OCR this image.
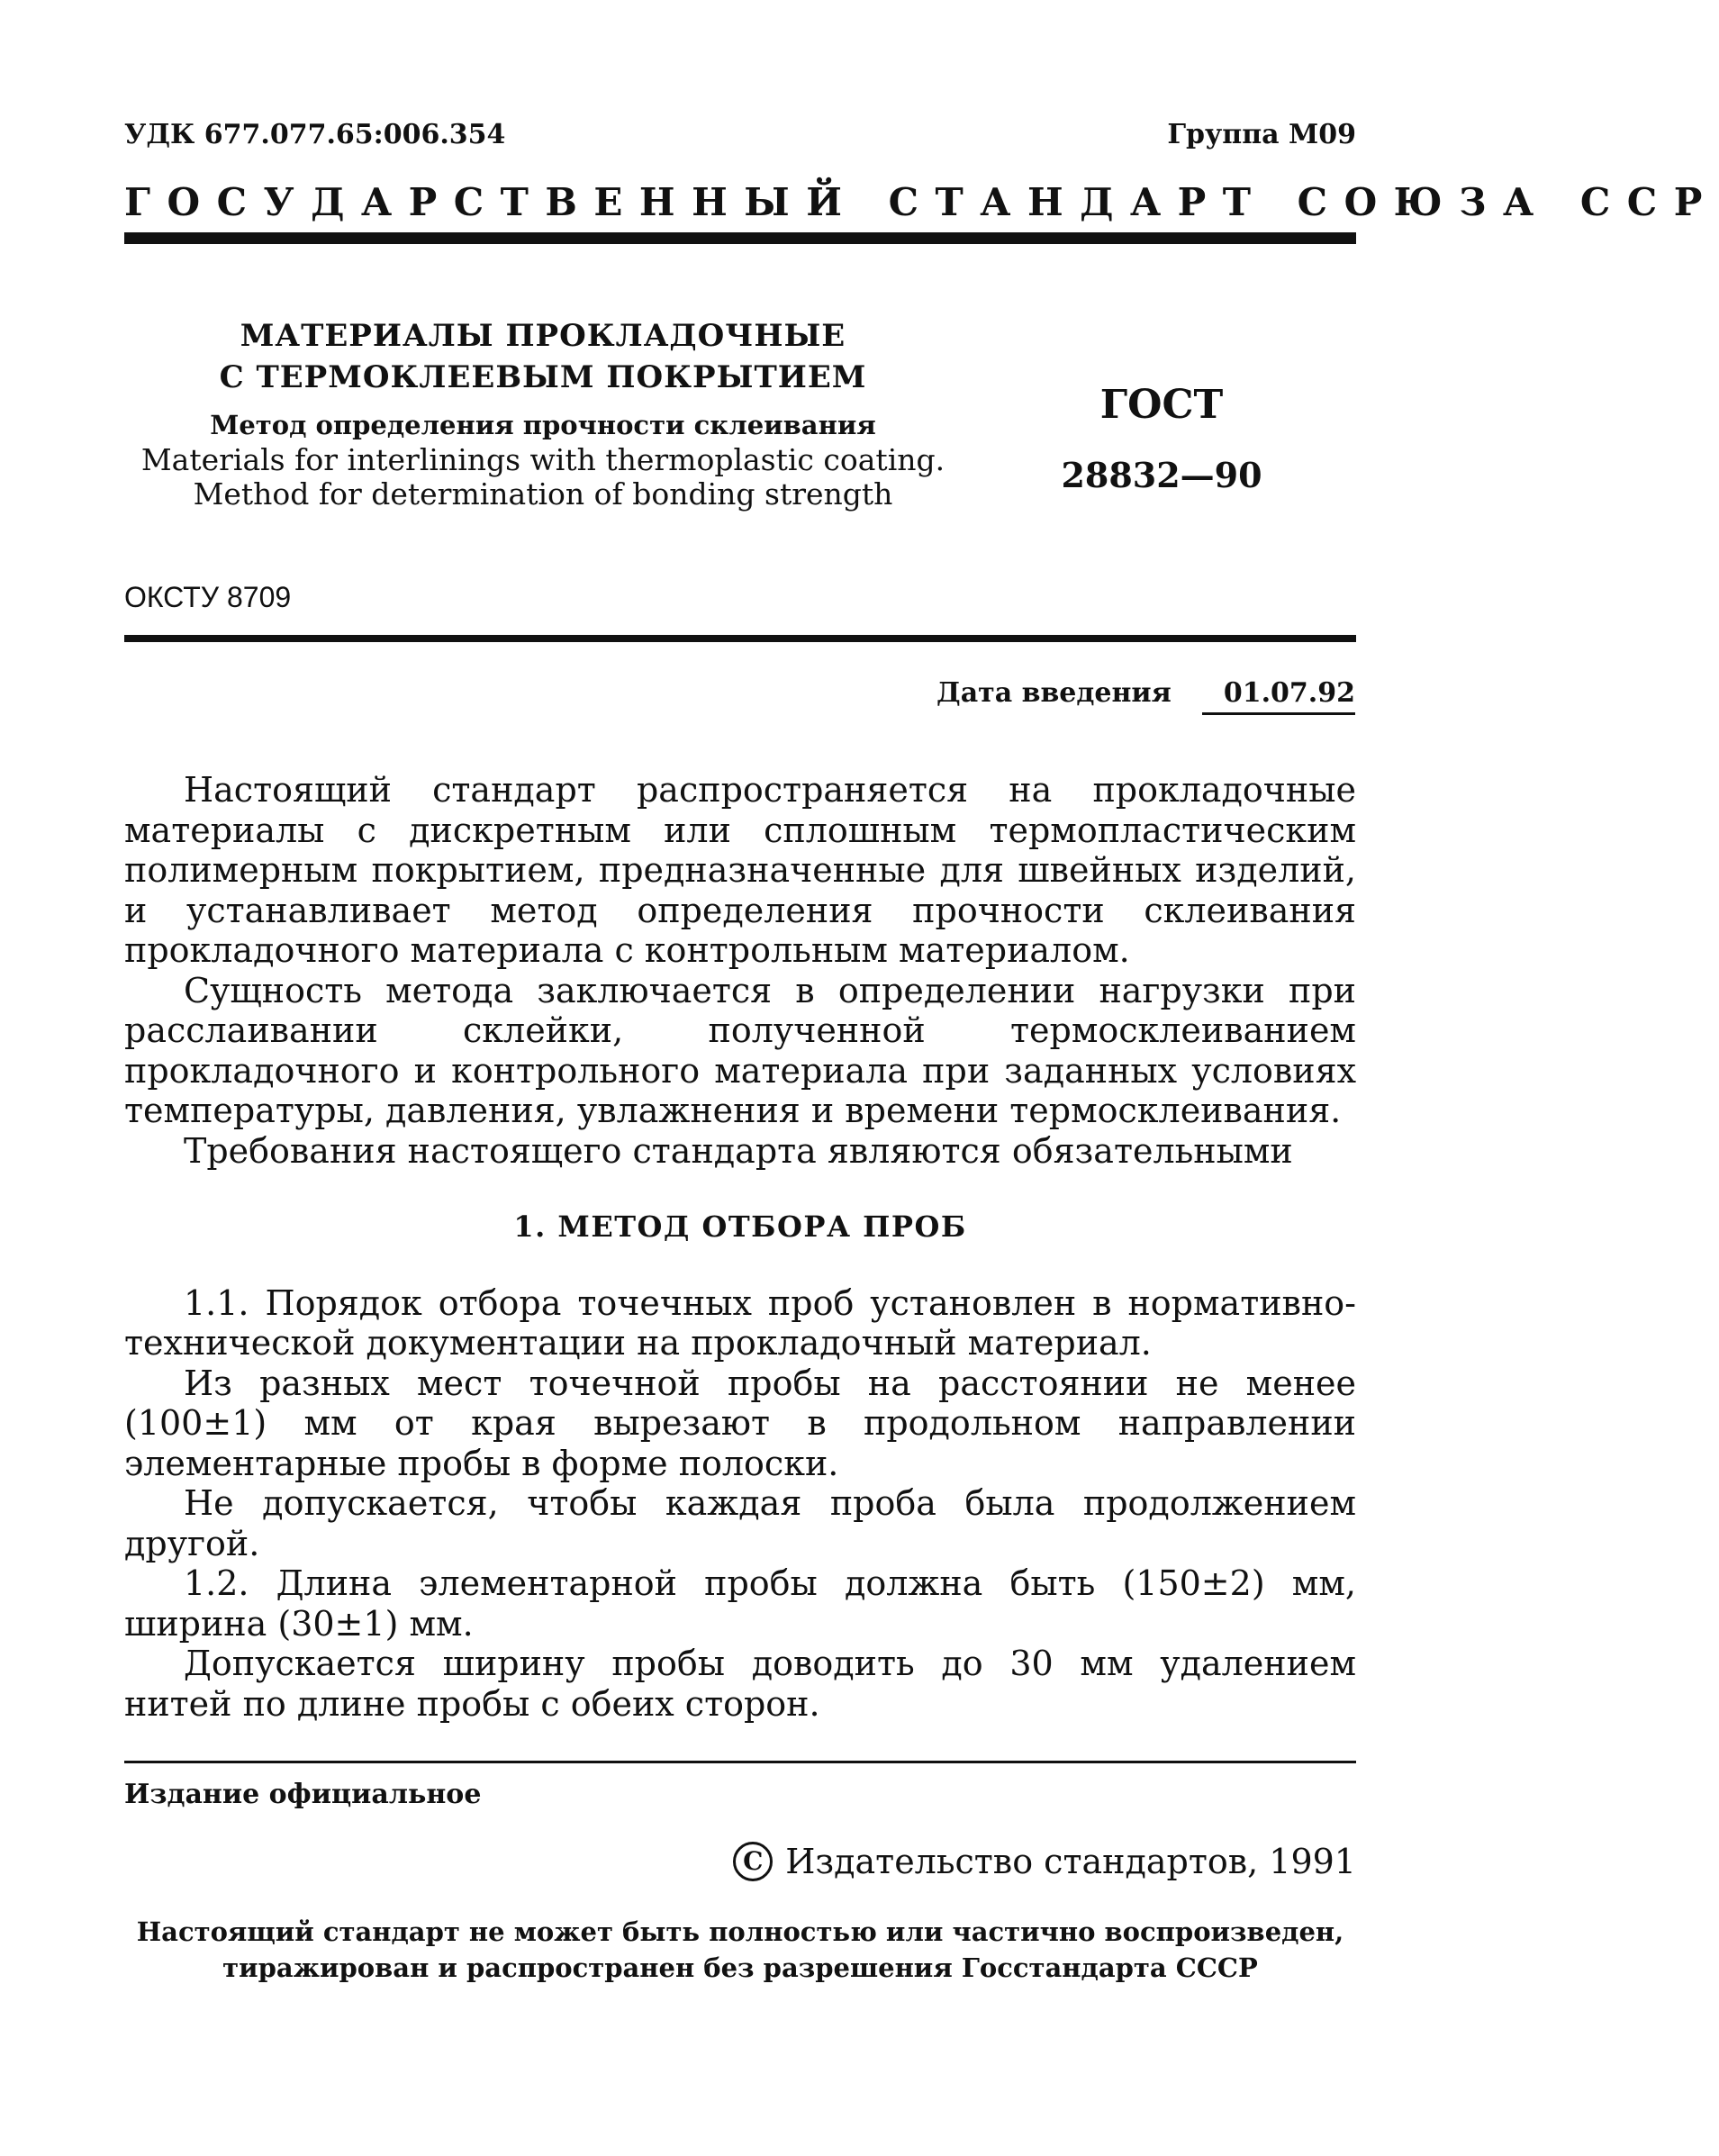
УДК 677.077.65:006.354	Группа М09
ГОСУДАРСТВЕННЫЙ СТАНДАРТ СОЮЗА ССР
МАТЕРИАЛЫ ПРОКЛАДОЧНЫЕ
С ТЕРМОКЛЕЕВЫМ ПОКРЫТИЕМ
Метод определения прочности склеивания
Materials for interlinings with thermoplastic coating.
Method for determination of bonding strength
ГОСТ
28832—90
ОКСТУ 8709
Дата введения 01.07.92

Настоящий стандарт распространяется на прокладочные материалы с дискретным или сплошным термопластическим полимерным покрытием, предназначенные для швейных изделий, и устанавливает метод определения прочности склеивания прокладочного материала с контрольным материалом.

Сущность метода заключается в определении нагрузки при расслаивании склейки, полученной термосклеиванием прокладочного и контрольного материала при заданных условиях температуры, давления, увлажнения и времени термосклеивания.

Требования настоящего стандарта являются обязательными

1. МЕТОД ОТБОРА ПРОБ

1.1. Порядок отбора точечных проб установлен в нормативно-технической документации на прокладочный материал.

Из разных мест точечной пробы на расстоянии не менее (100±1) мм от края вырезают в продольном направлении элементарные пробы в форме полоски.

Не допускается, чтобы каждая проба была продолжением другой.

1.2. Длина элементарной пробы должна быть (150±2) мм, ширина (30±1) мм.

Допускается ширину пробы доводить до 30 мм удалением нитей по длине пробы с обеих сторон.

Издание официальное
C Издательство стандартов, 1991
Настоящий стандарт не может быть полностью или частично воспроизведен,
тиражирован и распространен без разрешения Госстандарта СССР
